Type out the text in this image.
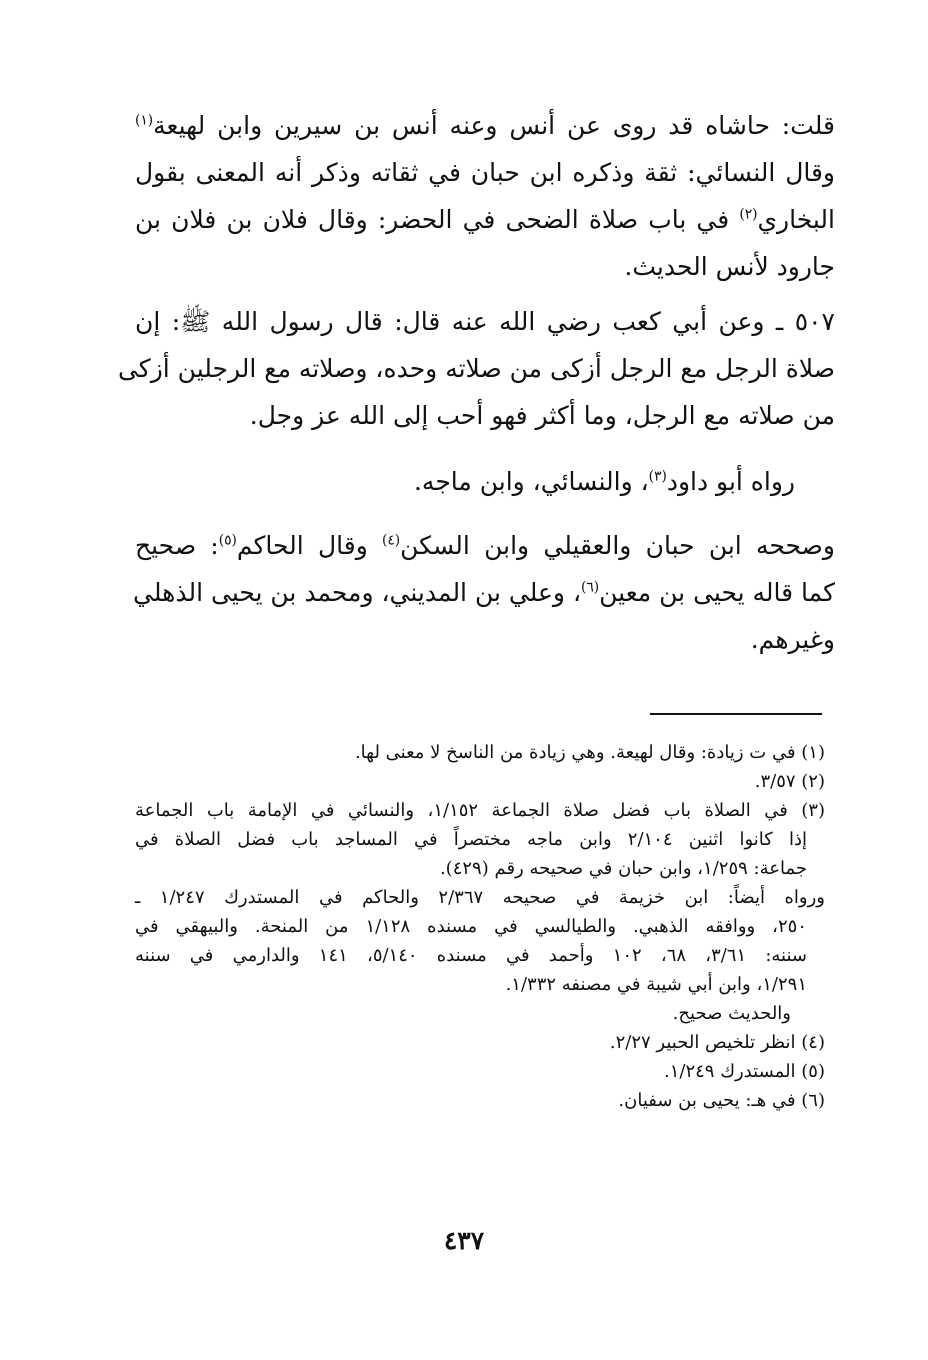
قلت: حاشاه قد روى عن أنس وعنه أنس بن سيرين وابن لهيعة$^{(١)}$
وقال النسائي: ثقة وذكره ابن حبان في ثقاته وذكر أنه المعنى بقول
البخاري$^{(٢)}$ في باب صلاة الضحى في الحضر: وقال فلان بن فلان بن
جارود لأنس الحديث.
٥٠٧ ـ وعن أبي كعب رضي الله عنه قال: قال رسول الله ﷺ: إن
صلاة الرجل مع الرجل أزكى من صلاته وحده، وصلاته مع الرجلين أزكى
من صلاته مع الرجل، وما أكثر فهو أحب إلى الله عز وجل.
رواه أبو داود$^{(٣)}$، والنسائي، وابن ماجه.
وصححه ابن حبان والعقيلي وابن السكن$^{(٤)}$ وقال الحاكم$^{(٥)}$: صحيح
كما قاله يحيى بن معين$^{(٦)}$، وعلي بن المديني، ومحمد بن يحيى الذهلي
وغيرهم.
(١) في ت زيادة: وقال لهيعة. وهي زيادة من الناسخ لا معنى لها.
(٢) ٣/٥٧.
(٣) في الصلاة باب فضل صلاة الجماعة ١/١٥٢، والنسائي في الإمامة باب الجماعة
إذا كانوا اثنين ٢/١٠٤ وابن ماجه مختصراً في المساجد باب فضل الصلاة في
جماعة: ١/٢٥٩، وابن حبان في صحيحه رقم (٤٢٩).
ورواه أيضاً: ابن خزيمة في صحيحه ٢/٣٦٧ والحاكم في المستدرك ١/٢٤٧ ـ
٢٥٠، ووافقه الذهبي. والطيالسي في مسنده ١/١٢٨ من المنحة. والبيهقي في
سننه: ٣/٦١، ٦٨، ١٠٢ وأحمد في مسنده ٥/١٤٠، ١٤١ والدارمي في سننه
١/٢٩١، وابن أبي شيبة في مصنفه ١/٣٣٢.
والحديث صحيح.
(٤) انظر تلخيص الحبير ٢/٢٧.
(٥) المستدرك ١/٢٤٩.
(٦) في هـ: يحيى بن سفيان.
٤٣٧
